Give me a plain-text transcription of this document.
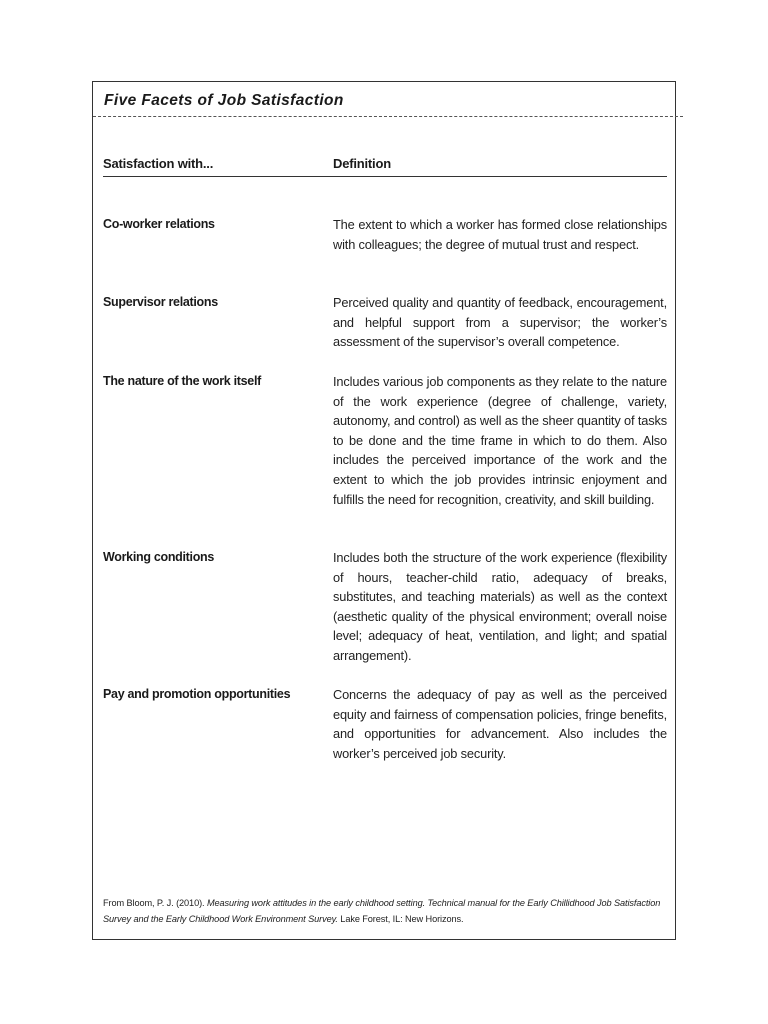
Five Facets of Job Satisfaction
Satisfaction with...	Definition
Co-worker relations	The extent to which a worker has formed close relationships with colleagues; the degree of mutual trust and respect.
Supervisor relations	Perceived quality and quantity of feedback, encouragement, and helpful support from a supervisor; the worker’s assessment of the supervisor’s overall competence.
The nature of the work itself	Includes various job components as they relate to the nature of the work experience (degree of challenge, variety, autonomy, and control) as well as the sheer quantity of tasks to be done and the time frame in which to do them. Also includes the perceived importance of the work and the extent to which the job provides intrinsic enjoyment and fulfills the need for recognition, creativity, and skill building.
Working conditions	Includes both the structure of the work experience (flexibility of hours, teacher-child ratio, adequacy of breaks, substitutes, and teaching materials) as well as the context (aesthetic quality of the physical environment; overall noise level; adequacy of heat, ventilation, and light; and spatial arrangement).
Pay and promotion opportunities	Concerns the adequacy of pay as well as the perceived equity and fairness of compensation policies, fringe benefits, and opportunities for advancement. Also includes the worker’s perceived job security.
From Bloom, P. J. (2010). Measuring work attitudes in the early childhood setting. Technical manual for the Early Chillidhood Job Satisfaction Survey and the Early Childhood Work Environment Survey. Lake Forest, IL: New Horizons.
